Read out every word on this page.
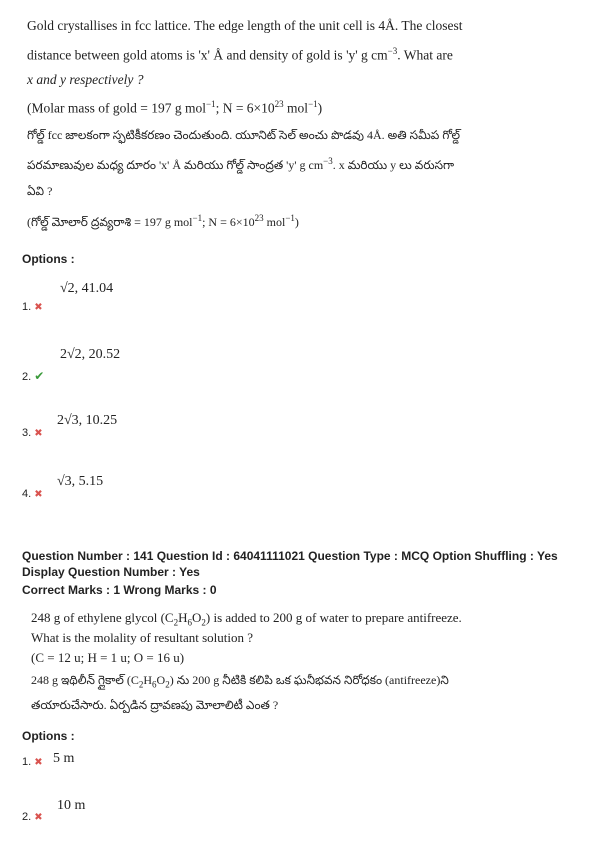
Gold crystallises in fcc lattice. The edge length of the unit cell is 4Å. The closest
distance between gold atoms is 'x' Å and density of gold is 'y' g $cm^{-3}$. What are
x and y respectively ?
(Molar mass of gold = 197 g mol$^{-1}$; $N = 6\times 10^{23}$ mol$^{-1}$)
గోల్డ్ fcc జాలకంగా స్ఫటికీకరణం చెందుతుంది. యూనిట్ సెల్ అంచు పొడవు 4Å. అతి సమీప గోల్డ్
పరమాణువుల మధ్య దూరం 'x' Å మరియు గోల్డ్ సాంద్రత 'y' g $cm^{-3}$. x మరియు y లు వరుసగా
ఏవి ?
(గోల్డ్ మోలార్ ద్రవ్యరాశి = 197 g mol$^{-1}$; $N = 6\times 10^{23}$ mol$^{-1}$)
Options :
√2, 41.04
1. ✖
2√2, 20.52
2. ✔
2√3, 10.25
3. ✖
√3, 5.15
4. ✖
Question Number : 141 Question Id : 64041111021 Question Type : MCQ Option Shuffling : Yes
Display Question Number : Yes
Correct Marks : 1 Wrong Marks : 0
248 g of ethylene glycol $(C_2H_6O_2)$ is added to 200 g of water to prepare antifreeze.
What is the molality of resultant solution ?
(C = 12 u; H = 1 u; O = 16 u)
248 g ఇథిలీన్ గ్లైకాల్ $(C_2H_6O_2)$ ను 200 g నీటికి కలిపి ఒక ఘనీభవన నిరోధకం (antifreeze)ని
తయారుచేసారు. ఏర్పడిన ద్రావణపు మోలాలిటీ ఎంత ?
Options :
1. ✖ 5 m
10 m
2. ✖
